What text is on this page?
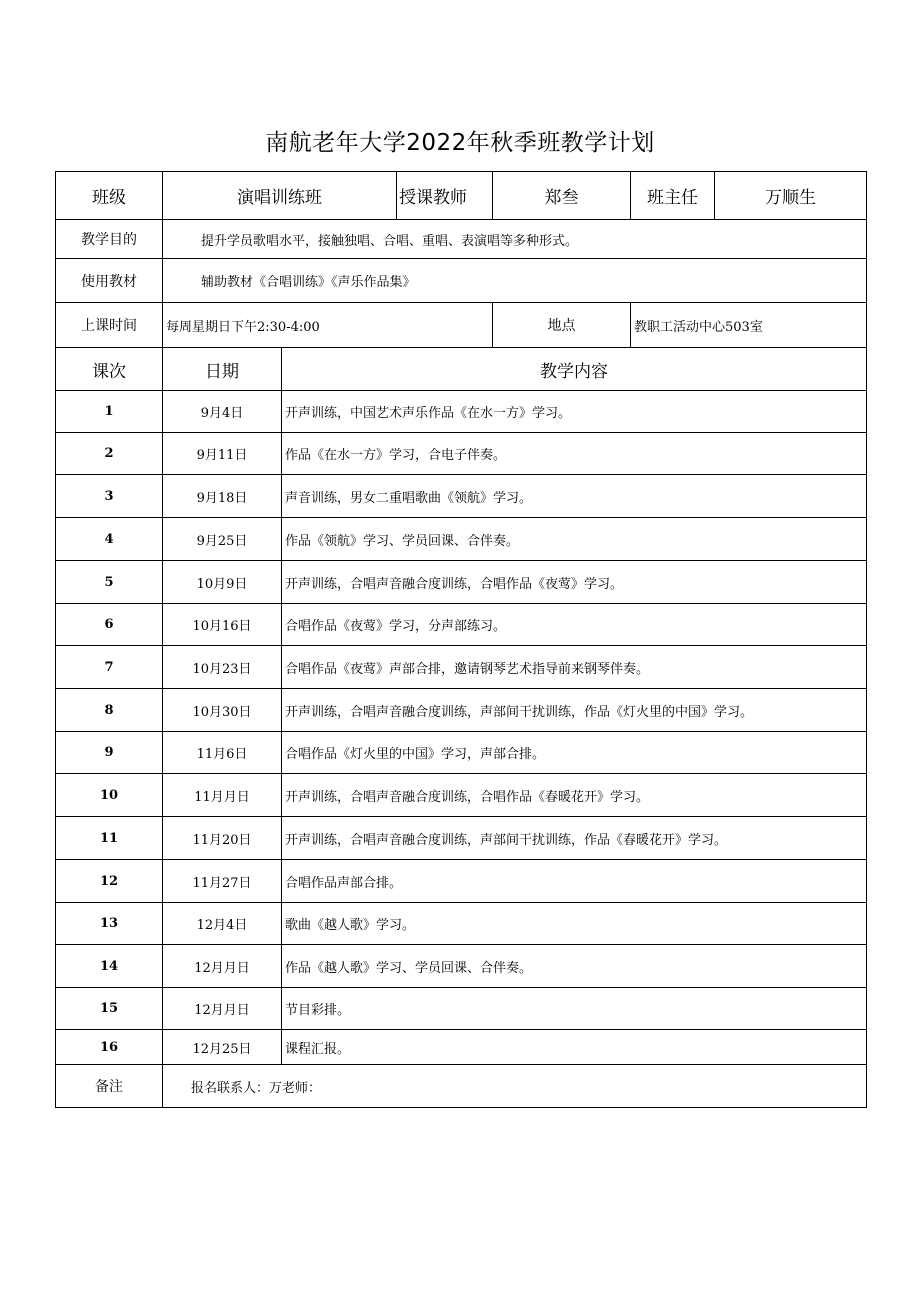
南航老年大学2022年秋季班教学计划
班级	演唱训练班		授课教师	郑叁	班主任	万顺生
教学目的	提升学员歌唱水平，接触独唱、合唱、重唱、表演唱等多种形式。					
使用教材	辅助教材《合唱训练》《声乐作品集》					
上课时间	每周星期日下午2:30-4:00			地点	教职工活动中心503室	
课次	日期	教学内容				
1	9月4日	开声训练，中国艺术声乐作品《在水一方》学习。				
2	9月11日	作品《在水一方》学习，合电子伴奏。				
3	9月18日	声音训练，男女二重唱歌曲《领航》学习。				
4	9月25日	作品《领航》学习、学员回课、合伴奏。				
5	10月9日	开声训练，合唱声音融合度训练，合唱作品《夜莺》学习。				
6	10月16日	合唱作品《夜莺》学习，分声部练习。				
7	10月23日	合唱作品《夜莺》声部合排，邀请钢琴艺术指导前来钢琴伴奏。				
8	10月30日	开声训练，合唱声音融合度训练，声部间干扰训练，作品《灯火里的中国》学习。				
9	11月6日	合唱作品《灯火里的中国》学习，声部合排。				
10	11月月日	开声训练，合唱声音融合度训练，合唱作品《春暖花开》学习。				
11	11月20日	开声训练，合唱声音融合度训练，声部间干扰训练，作品《春暖花开》学习。				
12	11月27日	合唱作品声部合排。				
13	12月4日	歌曲《越人歌》学习。				
14	12月月日	作品《越人歌》学习、学员回课、合伴奏。				
15	12月月日	节目彩排。				
16	12月25日	课程汇报。				
备注	报名联系人：万老师：					
